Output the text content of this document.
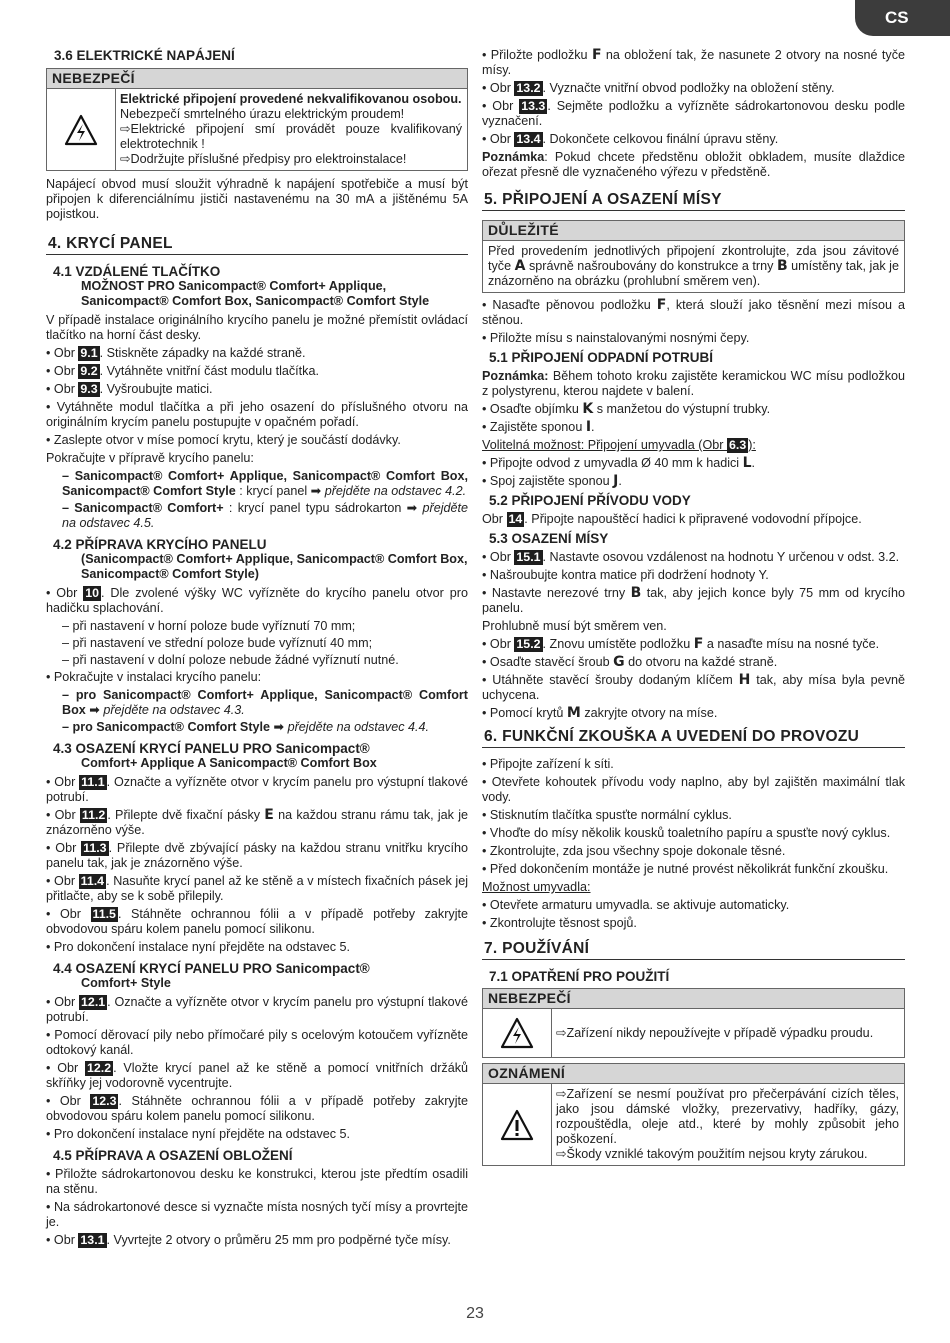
CS
3.6 ELEKTRICKÉ NAPÁJENÍ
NEBEZPEČÍ
Elektrické připojení provedené nekvalifikovanou osobou.
Nebezpečí smrtelného úrazu elektrickým proudem!
⇨Elektrické připojení smí provádět pouze kvalifikovaný elektrotechnik !
⇨Dodržujte příslušné předpisy pro elektroinstalace!

Napájecí obvod musí sloužit výhradně k napájení spotřebiče a musí být připojen k diferenciálnímu jističi nastavenému na 30 mA a jištěnému 5A pojistkou.

4. KRYCÍ PANEL
4.1 VZDÁLENÉ TLAČÍTKO
MOŽNOST PRO Sanicompact® Comfort+ Applique,
Sanicompact® Comfort Box, Sanicompact® Comfort Style

V případě instalace originálního krycího panelu je možné přemístit ovládací tlačítko na horní část desky.

• Obr 9.1 . Stiskněte západky na každé straně.
• Obr 9.2 . Vytáhněte vnitřní část modulu tlačítka.
• Obr 9.3 . Vyšroubujte matici.
• Vytáhněte modul tlačítka a při jeho osazení do příslušného otvoru na originálním krycím panelu postupujte v opačném pořadí.
• Zaslepte otvor v míse pomocí krytu, který je součástí dodávky.

Pokračujte v přípravě krycího panelu:

– Sanicompact® Comfort+ Applique, Sanicompact® Comfort Box, Sanicompact® Comfort Style : krycí panel ➡ přejděte na odstavec 4.2.
– Sanicompact® Comfort+ : krycí panel typu sádrokarton ➡ přejděte na odstavec 4.5.
4.2 PŘÍPRAVA KRYCÍHO PANELU
(Sanicompact® Comfort+ Applique, Sanicompact® Comfort Box, Sanicompact® Comfort Style)
• Obr 10 . Dle zvolené výšky WC vyřízněte do krycího panelu otvor pro hadičku splachování.
– při nastavení v horní poloze bude vyříznutí 70 mm;
– při nastavení ve střední poloze bude vyříznutí 40 mm;
– při nastavení v dolní poloze nebude žádné vyříznutí nutné.
• Pokračujte v instalaci krycího panelu:
– pro Sanicompact® Comfort+ Applique, Sanicompact® Comfort Box ➡ přejděte na odstavec 4.3.
– pro Sanicompact® Comfort Style ➡ přejděte na odstavec 4.4.
4.3 OSAZENÍ KRYCÍ PANELU PRO Sanicompact®
Comfort+ Applique A Sanicompact® Comfort Box
• Obr 11.1 . Označte a vyřízněte otvor v krycím panelu pro výstupní tlakové potrubí.
• Obr 11.2 . Přilepte dvě fixační pásky E na každou stranu rámu tak, jak je znázorněno výše.
• Obr 11.3 . Přilepte dvě zbývající pásky na každou stranu vnitřku krycího panelu tak, jak je znázorněno výše.
• Obr 11.4 . Nasuňte krycí panel až ke stěně a v místech fixačních pásek jej přitlačte, aby se k sobě přilepily.
• Obr 11.5 . Stáhněte ochrannou fólii a v případě potřeby zakryjte obvodovou spáru kolem panelu pomocí silikonu.
• Pro dokončení instalace nyní přejděte na odstavec 5.
4.4 OSAZENÍ KRYCÍ PANELU PRO Sanicompact®
Comfort+ Style
• Obr 12.1 . Označte a vyřízněte otvor v krycím panelu pro výstupní tlakové potrubí.
• Pomocí děrovací pily nebo přímočaré pily s ocelovým kotoučem vyřízněte odtokový kanál.
• Obr 12.2 . Vložte krycí panel až ke stěně a pomocí vnitřních držáků skříňky jej vodorovně vycentrujte.
• Obr 12.3 . Stáhněte ochrannou fólii a v případě potřeby zakryjte obvodovou spáru kolem panelu pomocí silikonu.
• Pro dokončení instalace nyní přejděte na odstavec 5.
4.5 PŘÍPRAVA A OSAZENÍ OBLOŽENÍ
• Přiložte sádrokartonovou desku ke konstrukci, kterou jste předtím osadili na stěnu.
• Na sádrokartonové desce si vyznačte místa nosných tyčí mísy a provrtejte je.
• Obr 13.1 . Vyvrtejte 2 otvory o průměru 25 mm pro podpěrné tyče mísy.
• Přiložte podložku F na obložení tak, že nasunete 2 otvory na nosné tyče mísy.
• Obr 13.2 . Vyznačte vnitřní obvod podložky na obložení stěny.
• Obr 13.3 . Sejměte podložku a vyřízněte sádrokartonovou desku podle vyznačení.
• Obr 13.4 . Dokončete celkovou finální úpravu stěny.

Poznámka: Pokud chcete předstěnu obložit obkladem, musíte dlaždice ořezat přesně dle vyznačeného výřezu v předstěně.

5. PŘIPOJENÍ A OSAZENÍ MÍSY
DŮLEŽITÉ
Před provedením jednotlivých připojení zkontrolujte, zda jsou závitové tyče A správně našroubovány do konstrukce a trny B umístěny tak, jak je znázorněno na obrázku (prohlubní směrem ven).
• Nasaďte pěnovou podložku F, která slouží jako těsnění mezi mísou a stěnou.
• Přiložte mísu s nainstalovanými nosnými čepy.
5.1 PŘIPOJENÍ ODPADNÍ POTRUBÍ

Poznámka: Během tohoto kroku zajistěte keramickou WC mísu podložkou z polystyrenu, kterou najdete v balení.

• Osaďte objímku K s manžetou do výstupní trubky.
• Zajistěte sponou I.

Volitelná možnost: Připojení umyvadla (Obr 6.3 ):

• Připojte odvod z umyvadla Ø 40 mm k hadici L.
• Spoj zajistěte sponou J.
5.2 PŘIPOJENÍ PŘÍVODU VODY

Obr 14 . Připojte napouštěcí hadici k připravené vodovodní přípojce.

5.3 OSAZENÍ MÍSY
• Obr 15.1 . Nastavte osovou vzdálenost na hodnotu Y určenou v odst. 3.2.
• Našroubujte kontra matice při dodržení hodnoty Y.
• Nastavte nerezové trny B tak, aby jejich konce byly 75 mm od krycího panelu.

Prohlubně musí být směrem ven.

• Obr 15.2 . Znovu umístěte podložku F a nasaďte mísu na nosné tyče.
• Osaďte stavěcí šroub G do otvoru na každé straně.
• Utáhněte stavěcí šrouby dodaným klíčem H tak, aby mísa byla pevně uchycena.
• Pomocí krytů M zakryjte otvory na míse.
6. FUNKČNÍ ZKOUŠKA A UVEDENÍ DO PROVOZU
• Připojte zařízení k síti.
• Otevřete kohoutek přívodu vody naplno, aby byl zajištěn maximální tlak vody.
• Stisknutím tlačítka spusťte normální cyklus.
• Vhoďte do mísy několik kousků toaletního papíru a spusťte nový cyklus.
• Zkontrolujte, zda jsou všechny spoje dokonale těsné.
• Před dokončením montáže je nutné provést několikrát funkční zkoušku.

Možnost umyvadla:

• Otevřete armaturu umyvadla. se aktivuje automaticky.
• Zkontrolujte těsnost spojů.
7. POUŽÍVÁNÍ
7.1 OPATŘENÍ PRO POUŽITÍ
NEBEZPEČÍ
⇨Zařízení nikdy nepoužívejte v případě výpadku proudu.
OZNÁMENÍ
⇨Zařízení se nesmí používat pro přečerpávání cizích těles, jako jsou dámské vložky, prezervativy, hadříky, gázy, rozpouštědla, oleje atd., které by mohly způsobit jeho poškození.
⇨Škody vzniklé takovým použitím nejsou kryty zárukou.
23
